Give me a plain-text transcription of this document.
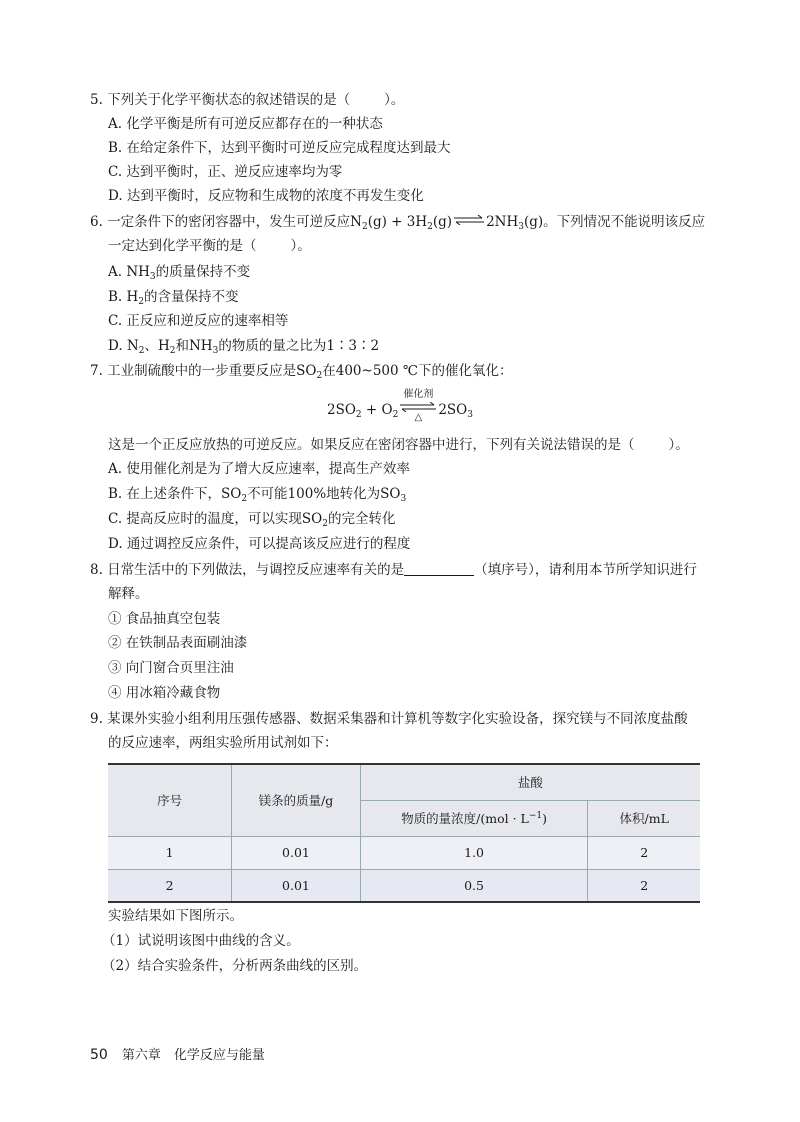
5. 下列关于化学平衡状态的叙述错误的是（	）。
A. 化学平衡是所有可逆反应都存在的一种状态
B. 在给定条件下，达到平衡时可逆反应完成程度达到最大
C. 达到平衡时，正、逆反应速率均为零
D. 达到平衡时，反应物和生成物的浓度不再发生变化
6. 一定条件下的密闭容器中，发生可逆反应$N_2(g) + 3H_2(g)$ ⇌ $2NH_3(g)$。下列情况不能说明该反应
一定达到化学平衡的是（	）。
A. $NH_3$的质量保持不变
B. $H_2$的含量保持不变
C. 正反应和逆反应的速率相等
D. $N_2$、$H_2$和$NH_3$的物质的量之比为1∶3∶2
7. 工业制硫酸中的一步重要反应是$SO_2$在400~500 ℃下的催化氧化：
$2SO_2 + O_2$
催化剂
△	$2SO_3$
这是一个正反应放热的可逆反应。如果反应在密闭容器中进行，下列有关说法错误的是（	）。
A. 使用催化剂是为了增大反应速率，提高生产效率
B. 在上述条件下，$SO_2$不可能100%地转化为$SO_3$
C. 提高反应时的温度，可以实现$SO_2$的完全转化
D. 通过调控反应条件，可以提高该反应进行的程度
8. 日常生活中的下列做法，与调控反应速率有关的是	（填序号），请利用本节所学知识进行
解释。
① 食品抽真空包装
② 在铁制品表面刷油漆
③ 向门窗合页里注油
④ 用冰箱冷藏食物
9. 某课外实验小组利用压强传感器、数据采集器和计算机等数字化实验设备，探究镁与不同浓度盐酸
的反应速率，两组实验所用试剂如下：
序号	镁条的质量/g	盐酸	
		物质的量浓度$/(mol \cdot L^{-1})$	体积/mL
1	0.01	1.0	2
2	0.01	0.5	2
实验结果如下图所示。
（1）试说明该图中曲线的含义。
（2）结合实验条件，分析两条曲线的区别。
50 第六章　化学反应与能量
